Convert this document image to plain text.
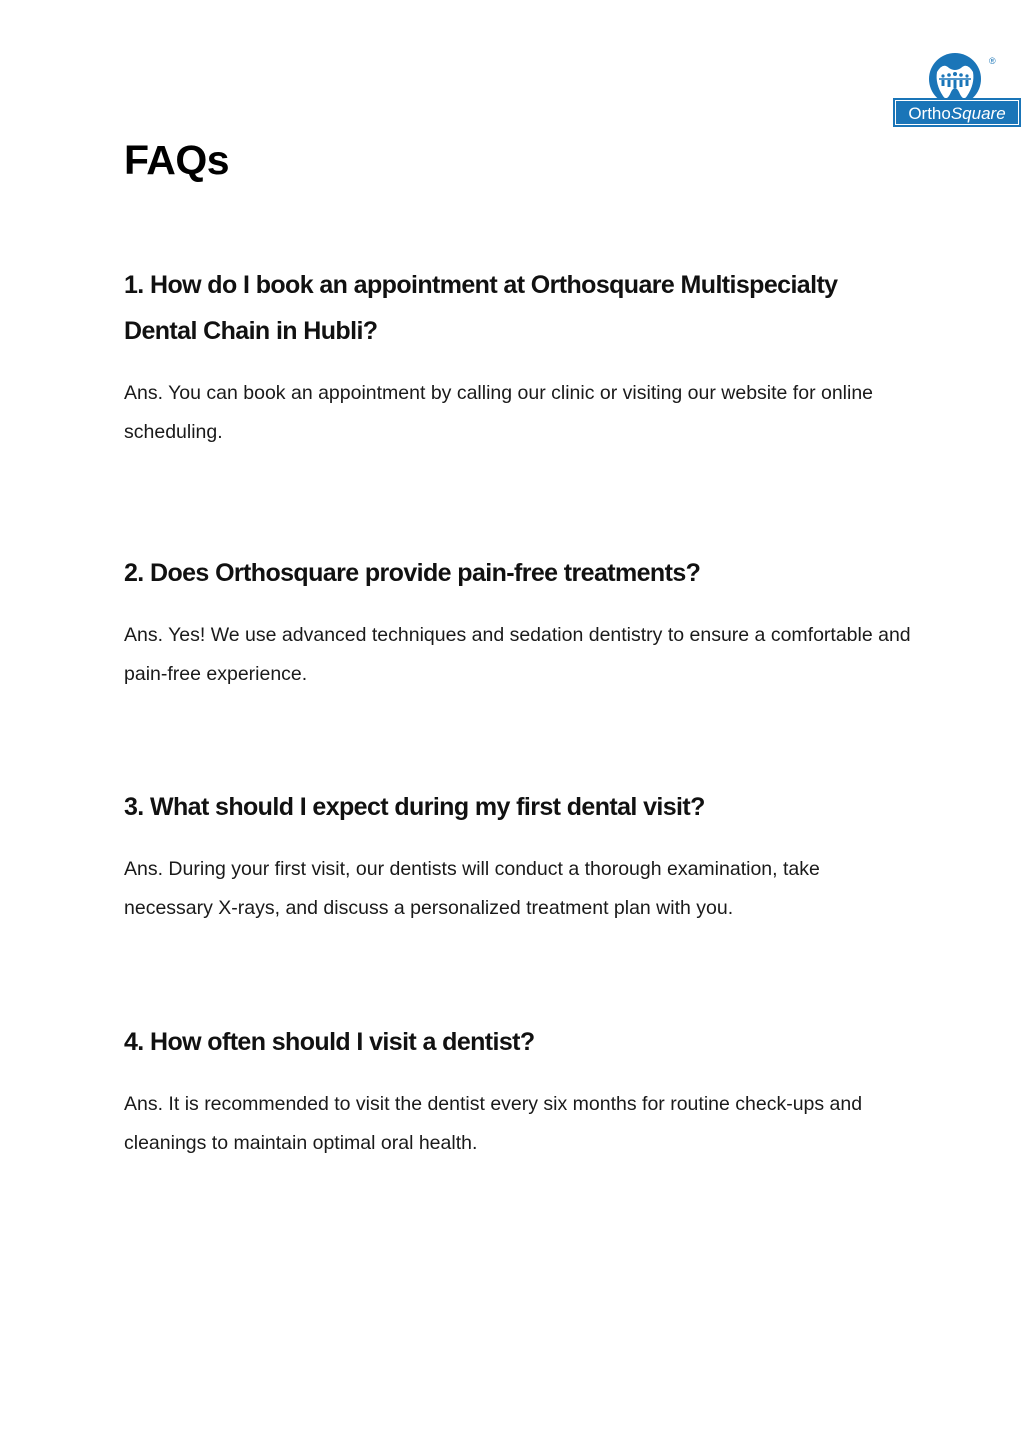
OrthoSquare
®
FAQs
1. How do I book an appointment at Orthosquare Multispecialty Dental Chain in Hubli?

Ans. You can book an appointment by calling our clinic or visiting our website for online scheduling.

2. Does Orthosquare provide pain-free treatments?

Ans. Yes! We use advanced techniques and sedation dentistry to ensure a comfortable and pain-free experience.

3. What should I expect during my first dental visit?

Ans. During your first visit, our dentists will conduct a thorough examination, take necessary X-rays, and discuss a personalized treatment plan with you.

4. How often should I visit a dentist?

Ans. It is recommended to visit the dentist every six months for routine check-ups and cleanings to maintain optimal oral health.
